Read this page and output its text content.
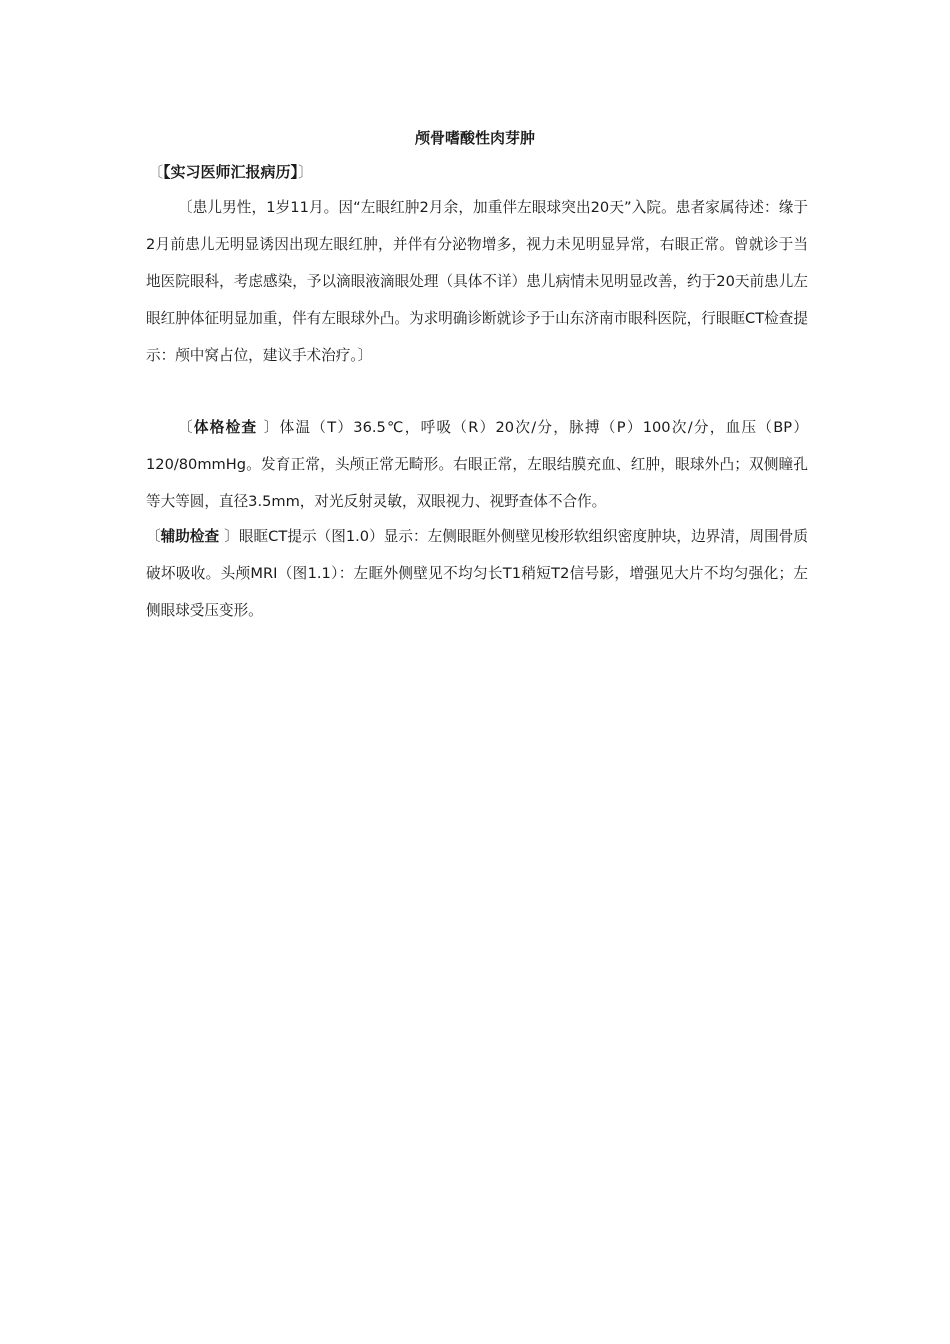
颅骨嗜酸性肉芽肿
〔【实习医师汇报病历】〕
〔患儿男性，1岁11月。因“左眼红肿2月余，加重伴左眼球突出20天”入院。患者家属待述：缘于2月前患儿无明显诱因出现左眼红肿，并伴有分泌物增多，视力未见明显异常，右眼正常。曾就诊于当地医院眼科，考虑感染，予以滴眼液滴眼处理（具体不详）患儿病情未见明显改善，约于20天前患儿左眼红肿体征明显加重，伴有左眼球外凸。为求明确诊断就诊予于山东济南市眼科医院，行眼眶CT检查提示：颅中窝占位，建议手术治疗。〕
〔体格检查 〕体温（T）36.5℃，呼吸（R）20次/分，脉搏（P）100次/分，血压（BP）120/80mmHg。发育正常，头颅正常无畸形。右眼正常，左眼结膜充血、红肿，眼球外凸；双侧瞳孔等大等圆，直径3.5mm，对光反射灵敏，双眼视力、视野查体不合作。
〔辅助检查 〕眼眶CT提示（图1.0）显示：左侧眼眶外侧壁见梭形软组织密度肿块，边界清，周围骨质破坏吸收。头颅MRI（图1.1）：左眶外侧壁见不均匀长T1稍短T2信号影，增强见大片不均匀强化；左侧眼球受压变形。
